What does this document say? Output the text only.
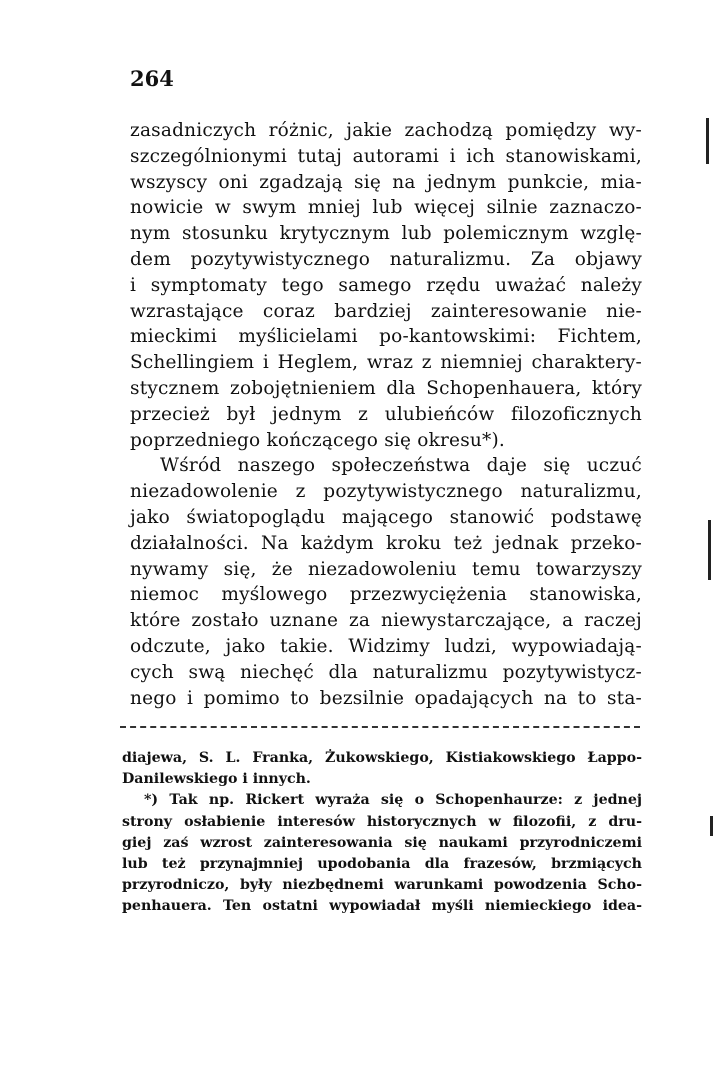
264
zasadniczych różnic, jakie zachodzą pomiędzy wy-
szczególnionymi tutaj autorami i ich stanowiskami,
wszyscy oni zgadzają się na jednym punkcie, mia-
nowicie w swym mniej lub więcej silnie zaznaczo-
nym stosunku krytycznym lub polemicznym wzglę-
dem pozytywistycznego naturalizmu. Za objawy
i symptomaty tego samego rzędu uważać należy
wzrastające coraz bardziej zainteresowanie nie-
mieckimi myślicielami po-kantowskimi: Fichtem,
Schellingiem i Heglem, wraz z niemniej charaktery-
stycznem zobojętnieniem dla Schopenhauera, który
przecież był jednym z ulubieńców filozoficznych
poprzedniego kończącego się okresu*).
Wśród naszego społeczeństwa daje się uczuć
niezadowolenie z pozytywistycznego naturalizmu,
jako światopoglądu mającego stanowić podstawę
działalności. Na każdym kroku też jednak przeko-
nywamy się, że niezadowoleniu temu towarzyszy
niemoc myślowego przezwyciężenia stanowiska,
które zostało uznane za niewystarczające, a raczej
odczute, jako takie. Widzimy ludzi, wypowiadają-
cych swą niechęć dla naturalizmu pozytywistycz-
nego i pomimo to bezsilnie opadających na to sta-
diajewa, S. L. Franka, Żukowskiego, Kistiakowskiego Łappo-
Danilewskiego i innych.
*) Tak np. Rickert wyraża się o Schopenhaurze: z jednej
strony osłabienie interesów historycznych w filozofii, z dru-
giej zaś wzrost zainteresowania się naukami przyrodniczemi
lub też przynajmniej upodobania dla frazesów, brzmiących
przyrodniczo, były niezbędnemi warunkami powodzenia Scho-
penhauera. Ten ostatni wypowiadał myśli niemieckiego idea-
